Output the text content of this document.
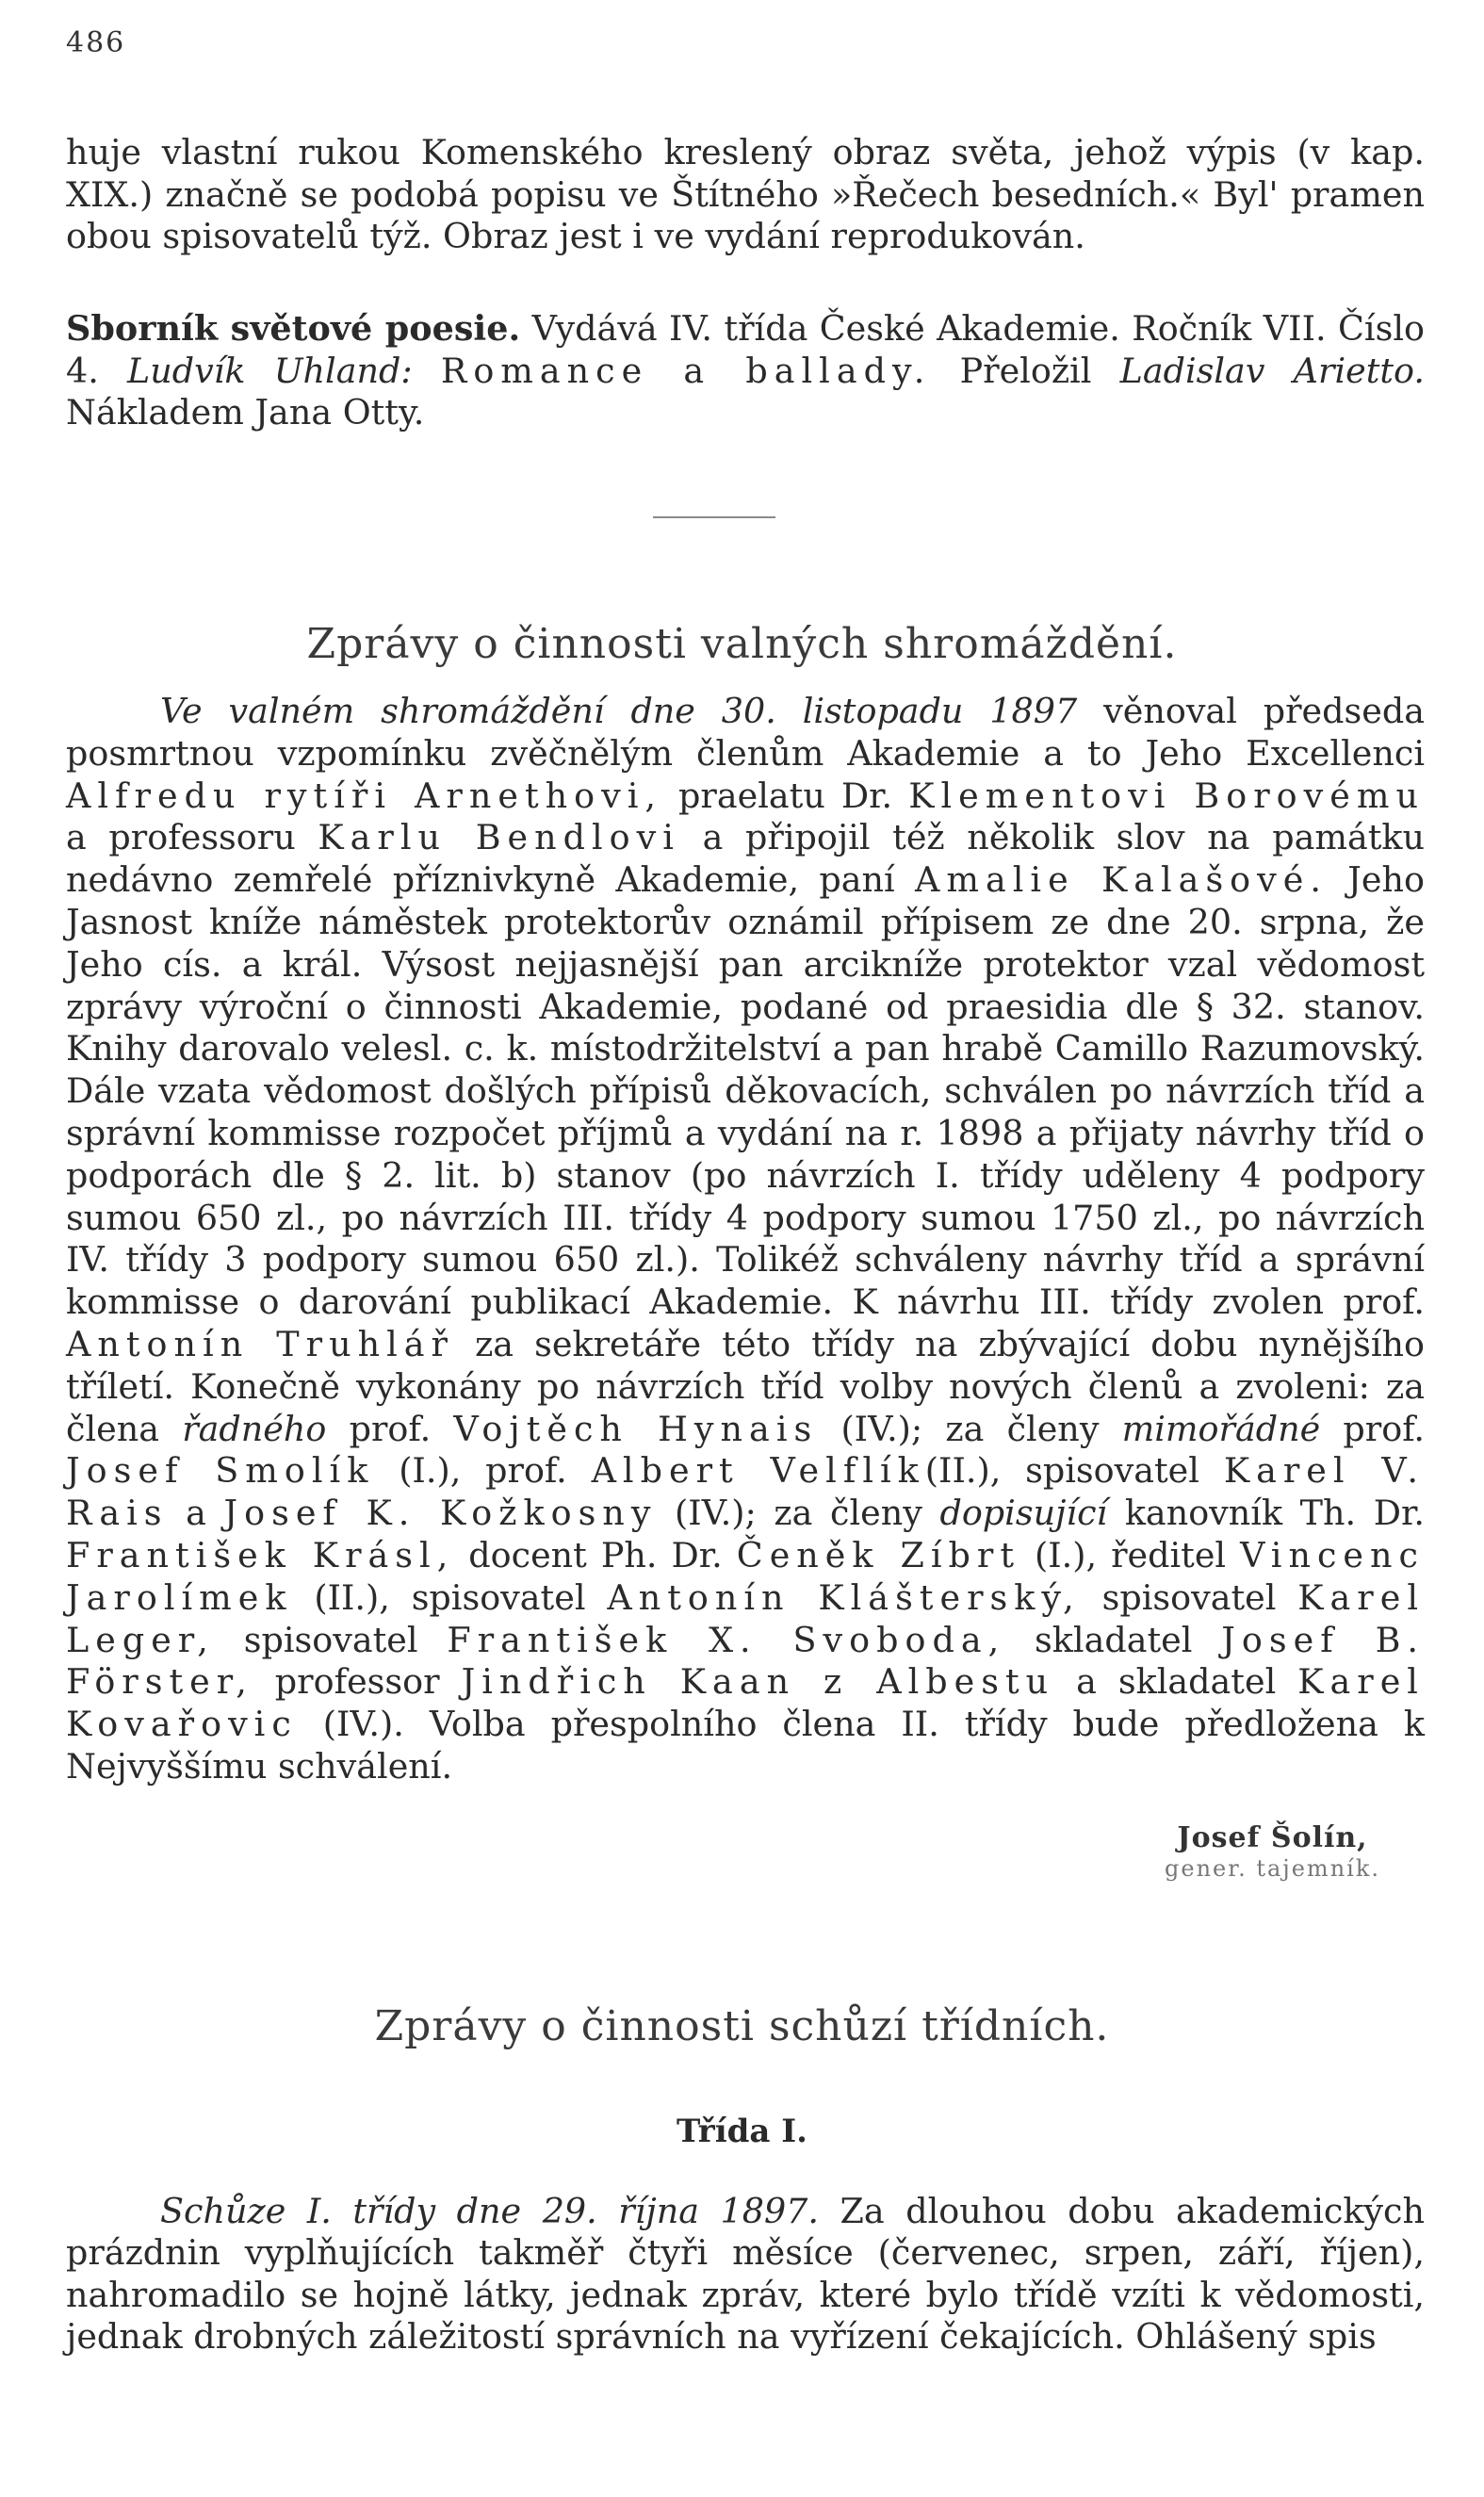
486

huje vlastní rukou Komenského kreslený obraz světa, jehož výpis (v kap. XIX.) značně se podobá popisu ve Štítného »Řečech besedních.« Byl' pramen obou spisovatelů týž. Obraz jest i ve vydání reprodukován.

Sborník světové poesie. Vydává IV. třída České Akademie. Ročník VII. Číslo 4. Ludvík Uhland: Romance a ballady. Přeložil Ladislav Arietto. Nákladem Jana Otty.

Zprávy o činnosti valných shromáždění.

Ve valném shromáždění dne 30. listopadu 1897 věnoval předseda posmrtnou vzpomínku zvěčnělým členům Akademie a to Jeho Excellenci Alfredu rytíři Arnethovi, praelatu Dr. Klementovi Borovému a professoru Karlu Bendlovi a připojil též několik slov na památku nedávno zemřelé příznivkyně Akademie, paní Amalie Kalašové. Jeho Jasnost kníže náměstek protektorův oznámil přípisem ze dne 20. srpna, že Jeho cís. a král. Výsost nejjasnější pan arcikníže protektor vzal vědomost zprávy výroční o činnosti Akademie, podané od praesidia dle § 32. stanov. Knihy darovalo velesl. c. k. místodržitelství a pan hrabě Camillo Razumovský. Dále vzata vědomost došlých přípisů děkovacích, schválen po návrzích tříd a správní kommisse rozpočet příjmů a vydání na r. 1898 a přijaty návrhy tříd o podporách dle § 2. lit. b) stanov (po návrzích I. třídy uděleny 4 podpory sumou 650 zl., po návrzích III. třídy 4 podpory sumou 1750 zl., po návrzích IV. třídy 3 podpory sumou 650 zl.). Tolikéž schváleny návrhy tříd a správní kommisse o darování publikací Akademie. K návrhu III. třídy zvolen prof. Antonín Truhlář za sekretáře této třídy na zbývající dobu nynějšího tříletí. Konečně vykonány po návrzích tříd volby nových členů a zvoleni: za člena řadného prof. Vojtěch Hynais (IV.); za členy mimořádné prof. Josef Smolík (I.), prof. Albert Velflík(II.), spisovatel Karel V. Rais a Josef K. Kožkosny (IV.); za členy dopisující kanovník Th. Dr. František Krásl, docent Ph. Dr. Čeněk Zíbrt (I.), ředitel Vincenc Jarolímek (II.), spisovatel Antonín Klášterský, spisovatel Karel Leger, spisovatel František X. Svoboda, skladatel Josef B. Förster, professor Jindřich Kaan z Albestu a skladatel Karel Kovařovic (IV.). Volba přespolního člena II. třídy bude předložena k Nejvyššímu schválení.

Josef Šolín,
gener. tajemník.
Zprávy o činnosti schůzí třídních.
Třída I.

Schůze I. třídy dne 29. října 1897. Za dlouhou dobu akademických prázdnin vyplňujících takměř čtyři měsíce (červenec, srpen, září, říjen), nahromadilo se hojně látky, jednak zpráv, které bylo třídě vzíti k vědomosti, jednak drobných záležitostí správních na vyřízení čekajících. Ohlášený spis
